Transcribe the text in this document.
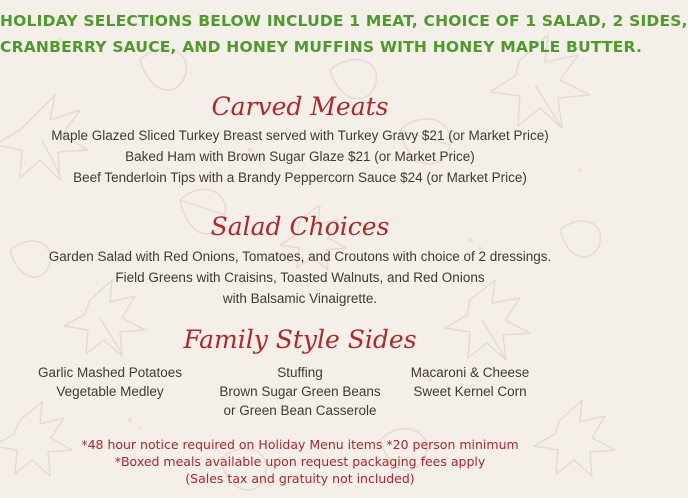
HOLIDAY SELECTIONS BELOW INCLUDE 1 MEAT, CHOICE OF 1 SALAD, 2 SIDES,
CRANBERRY SAUCE, AND HONEY MUFFINS WITH HONEY MAPLE BUTTER.
Carved Meats
Maple Glazed Sliced Turkey Breast served with Turkey Gravy $21 (or Market Price)
Baked Ham with Brown Sugar Glaze $21 (or Market Price)
Beef Tenderloin Tips with a Brandy Peppercorn Sauce $24 (or Market Price)
Salad Choices
Garden Salad with Red Onions, Tomatoes, and Croutons with choice of 2 dressings.
Field Greens with Craisins, Toasted Walnuts, and Red Onions
with Balsamic Vinaigrette.
Family Style Sides
Garlic Mashed Potatoes
Vegetable Medley
Stuffing
Brown Sugar Green Beans
or Green Bean Casserole
Macaroni & Cheese
Sweet Kernel Corn
*48 hour notice required on Holiday Menu items *20 person minimum
*Boxed meals available upon request packaging fees apply
(Sales tax and gratuity not included)
